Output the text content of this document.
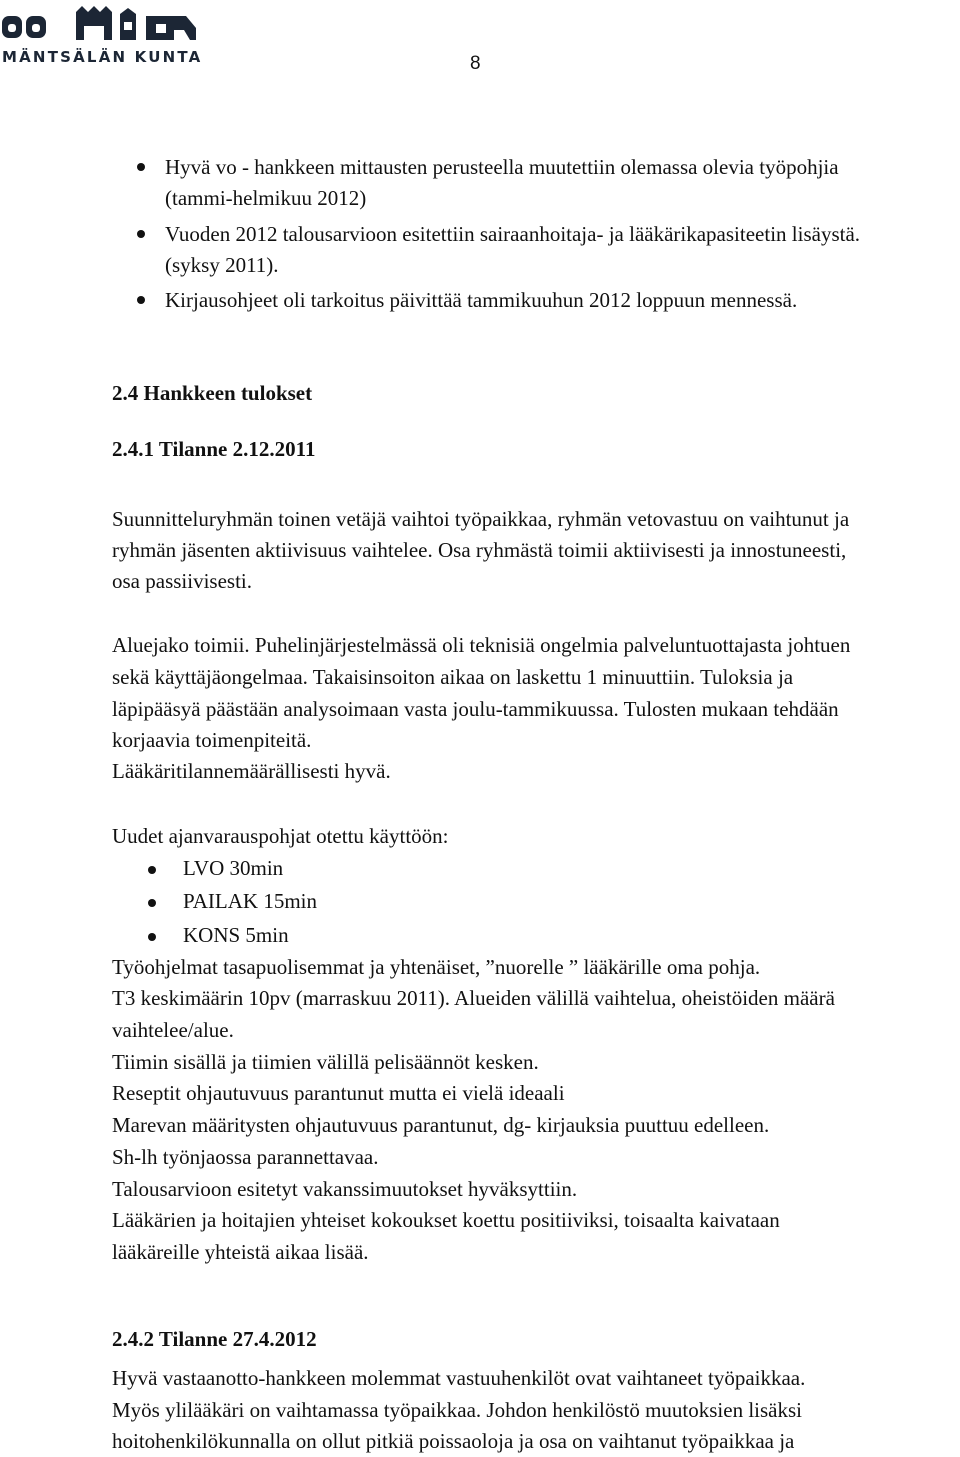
MÄNTSÄLÄN KUNTA	8
Hyvä vo - hankkeen mittausten perusteella muutettiin olemassa olevia työpohjia
(tammi-helmikuu 2012)
Vuoden 2012 talousarvioon esitettiin sairaanhoitaja- ja lääkärikapasiteetin lisäystä.
(syksy 2011).
Kirjausohjeet oli tarkoitus päivittää tammikuuhun 2012 loppuun mennessä.
2.4 Hankkeen tulokset
2.4.1 Tilanne 2.12.2011
Suunnitteluryhmän toinen vetäjä vaihtoi työpaikkaa, ryhmän vetovastuu on vaihtunut ja
ryhmän jäsenten aktiivisuus vaihtelee. Osa ryhmästä toimii aktiivisesti ja innostuneesti,
osa passiivisesti.
Aluejako toimii. Puhelinjärjestelmässä oli teknisiä ongelmia palveluntuottajasta johtuen
sekä käyttäjäongelmaa. Takaisinsoiton aikaa on laskettu 1 minuuttiin. Tuloksia ja
läpipääsyä päästään analysoimaan vasta joulu-tammikuussa. Tulosten mukaan tehdään
korjaavia toimenpiteitä.
Lääkäritilannemäärällisesti hyvä.
Uudet ajanvarauspohjat otettu käyttöön:
LVO 30min
PAILAK 15min
KONS 5min
Työohjelmat tasapuolisemmat ja yhtenäiset, ”nuorelle ” lääkärille oma pohja.
T3 keskimäärin 10pv (marraskuu 2011). Alueiden välillä vaihtelua, oheistöiden määrä
vaihtelee/alue.
Tiimin sisällä ja tiimien välillä pelisäännöt kesken.
Reseptit ohjautuvuus parantunut mutta ei vielä ideaali
Marevan määritysten ohjautuvuus parantunut, dg- kirjauksia puuttuu edelleen.
Sh-lh työnjaossa parannettavaa.
Talousarvioon esitetyt vakanssimuutokset hyväksyttiin.
Lääkärien ja hoitajien yhteiset kokoukset koettu positiiviksi, toisaalta kaivataan
lääkäreille yhteistä aikaa lisää.
2.4.2 Tilanne 27.4.2012
Hyvä vastaanotto-hankkeen molemmat vastuuhenkilöt ovat vaihtaneet työpaikkaa.
Myös ylilääkäri on vaihtamassa työpaikkaa. Johdon henkilöstö muutoksien lisäksi
hoitohenkilökunnalla on ollut pitkiä poissaoloja ja osa on vaihtanut työpaikkaa ja
